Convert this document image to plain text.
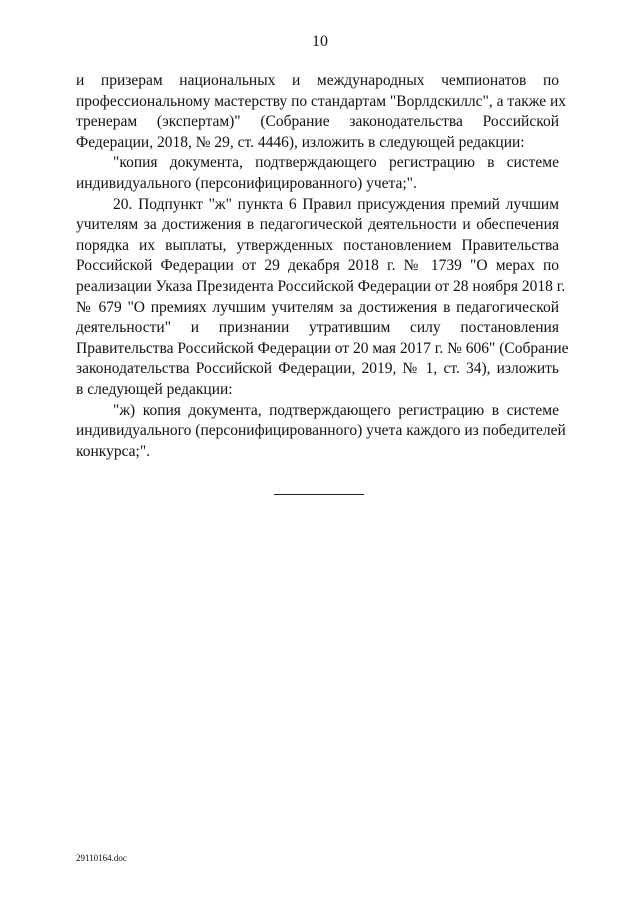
10
и призерам национальных и международных чемпионатов по
профессиональному мастерству по стандартам "Ворлдскиллс", а также их
тренерам (экспертам)" (Собрание законодательства Российской
Федерации, 2018, № 29, ст. 4446), изложить в следующей редакции:
"копия документа, подтверждающего регистрацию в системе
индивидуального (персонифицированного) учета;".
20. Подпункт "ж" пункта 6 Правил присуждения премий лучшим
учителям за достижения в педагогической деятельности и обеспечения
порядка их выплаты, утвержденных постановлением Правительства
Российской Федерации от 29 декабря 2018 г. № 1739 "О мерах по
реализации Указа Президента Российской Федерации от 28 ноября 2018 г.
№ 679 "О премиях лучшим учителям за достижения в педагогической
деятельности" и признании утратившим силу постановления
Правительства Российской Федерации от 20 мая 2017 г. № 606" (Собрание
законодательства Российской Федерации, 2019, № 1, ст. 34), изложить
в следующей редакции:
"ж) копия документа, подтверждающего регистрацию в системе
индивидуального (персонифицированного) учета каждого из победителей
конкурса;".
29110164.doc
